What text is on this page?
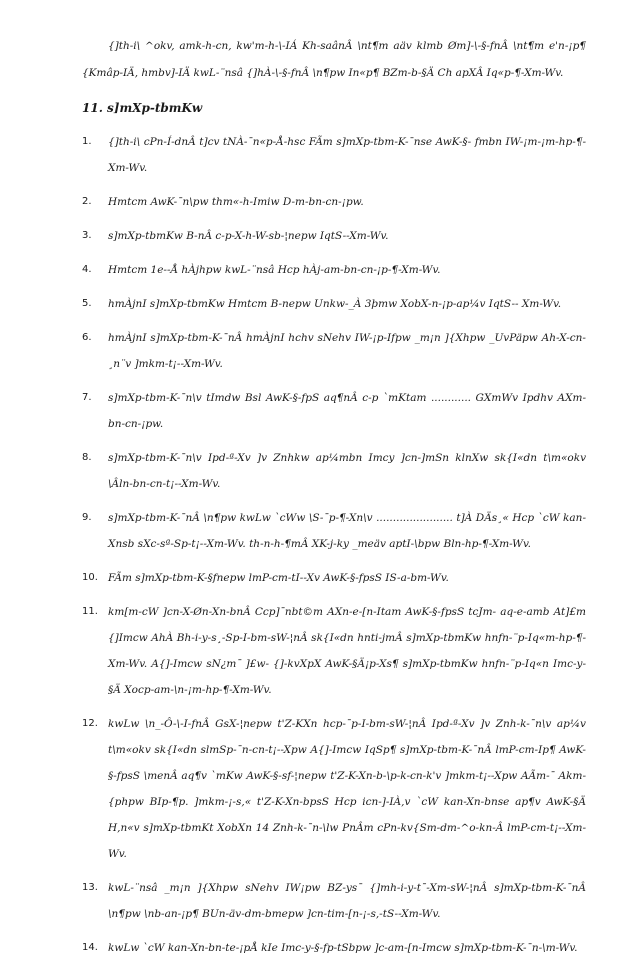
{]th-i\ ^okv, amk-h-cn, kw'm-h-\-IÁ Kh-saânÂ \nt¶m aäv klmb Øm]-\-§-fnÂ \nt¶m e'n-¡p¶ {Kmâp-IÄ, hmbv]-IÄ kwL-¨nsâ {]hÀ-\-§-fnÂ \n¶pw In«p¶ BZm-b-§Ä Ch apXÂ Iq«p-¶-Xm-Wv.

11. s]mXp-tbmKw
1.	{]th-i\ cPn-Í-dnÂ t]cv tNÀ-¯n«p-Å-hsc FÃm s]mXp-tbm-K-¯nse AwK-§- fmbn IW-¡m-¡m-hp-¶-Xm-Wv.
2.	Hmtcm AwK-¯n\pw thm«-h-Imiw D-m-bn-cn-¡pw.
3.	s]mXp-tbmKw B-nÂ c-p-X-h-W-sb-¦nepw IqtS--Xm-Wv.
4.	Hmtcm 1e--Å hÀjhpw kwL-¨nsâ Hcp hÀj-am-bn-cn-¡p-¶-Xm-Wv.
5.	hmÀjnI s]mXp-tbmKw Hmtcm B-nepw Unkw-_À 3þmw XobX-n-¡p-ap¼v IqtS-- Xm-Wv.
6.	hmÀjnI s]mXp-tbm-K-¯nÂ hmÀjnI hchv sNehv IW-¡p-Ifpw _m¡n ]{Xhpw _UvPäpw Ah-X-cn-¸n¨v ]mkm-t¡--Xm-Wv.
7.	s]mXp-tbm-K-¯n\v tImdw Bsl AwK-§-fpS aq¶nÂ c-p `mKtam ............ GXmWv Ipdhv AXm-bn-cn-¡pw.
8.	s]mXp-tbm-K-¯n\v Ipd-ª-Xv ]v Znhkw ap¼mbn Imcy ]cn-]mSn klnXw sk{I«dn t\m«okv \Âln-bn-cn-t¡--Xm-Wv.
9.	s]mXp-tbm-K-¯nÂ \n¶pw kwLw `cWw \S-¯p-¶-Xn\v ....................... t]À DÄs¸« Hcp `cW kan-Xnsb sXc-sª-Sp-t¡--Xm-Wv. th-n-h-¶mÂ XK-j-ky _meäv aptI-\bpw Bln-hp-¶-Xm-Wv.
10. FÃm s]mXp-tbm-K-§fnepw lmP-cm-tI--Xv AwK-§-fpsS IS-a-bm-Wv.
11. km[m-cW ]cn-X-Øn-Xn-bnÂ Ccp]¯nbt©m AXn-e-[n-Itam AwK-§-fpsS tcJm- aq-e-amb At]£m {]Imcw AhÀ Bh-i-y-s¸-Sp-I-bm-sW-¦nÂ sk{I«dn hnti-jmÂ s]mXp-tbmKw hnfn-¨p-Iq«m-hp-¶-Xm-Wv. A{]-Imcw sN¿m¯ ]£w- {]-kvXpX AwK-§Ä¡p-Xs¶ s]mXp-tbmKw hnfn-¨p-Iq«n Imc-y-§Ä Xocp-am-\n-¡m-hp-¶-Xm-Wv.
12. kwLw \n_-Ô-\-I-fnÂ GsX-¦nepw t'Z-KXn hcp-¯p-I-bm-sW-¦nÂ Ipd-ª-Xv ]v Znh-k-¯n\v ap¼v t\m«okv sk{I«dn slmSp-¯n-cn-t¡--Xpw A{]-Imcw IqSp¶ s]mXp-tbm-K-¯nÂ lmP-cm-Ip¶ AwK-§-fpsS \menÂ aq¶v `mKw AwK-§-sf-¦nepw t'Z-K-Xn-b-\p-k-cn-k'v ]mkm-t¡--Xpw AÃm-¯ Akm-{phpw BIp-¶p. ]mkm-¡-s,« t'Z-K-Xn-bpsS Hcp icn-]-IÀ,v `cW kan-Xn-bnse ap¶v AwK-§Ä H,n«v s]mXp-tbmKt XobXn 14 Znh-k-¯n-\lw PnÂm cPn-kv{Sm-dm-^o-kn-Â lmP-cm-t¡--Xm-Wv.
13. kwL-¨nsâ _m¡n ]{Xhpw sNehv IW¡pw BZ-ys¯ {]mh-i-y-t¯-Xm-sW-¦nÂ s]mXp-tbm-K-¯nÂ \n¶pw \nb-an-¡p¶ BUn-äv-dm-bmepw ]cn-tim-[n-¡-s,-tS--Xm-Wv.
14. kwLw `cW kan-Xn-bn-te-¡pÅ kIe Imc-y-§-fp-tSbpw ]c-am-[n-Imcw s]mXp-tbm-K-¯n-\m-Wv.
